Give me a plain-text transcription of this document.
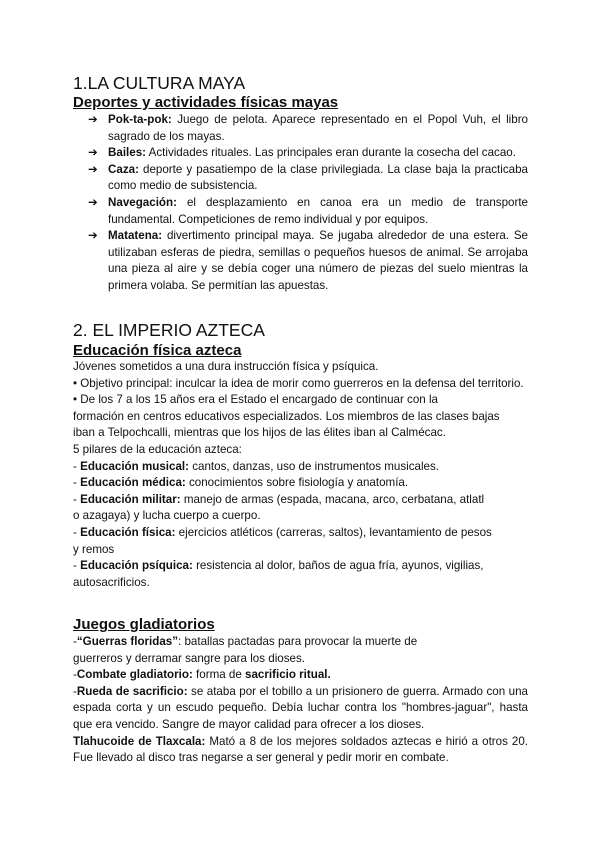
1.LA CULTURA MAYA
Deportes y actividades físicas mayas
➔ Pok-ta-pok: Juego de pelota. Aparece representado en el Popol Vuh, el libro sagrado de los mayas.
➔ Bailes: Actividades rituales. Las principales eran durante la cosecha del cacao.
➔ Caza: deporte y pasatiempo de la clase privilegiada. La clase baja la practicaba como medio de subsistencia.
➔ Navegación: el desplazamiento en canoa era un medio de transporte fundamental. Competiciones de remo individual y por equipos.
➔ Matatena: divertimento principal maya. Se jugaba alrededor de una estera. Se utilizaban esferas de piedra, semillas o pequeños huesos de animal. Se arrojaba una pieza al aire y se debía coger una número de piezas del suelo mientras la primera volaba. Se permitían las apuestas.
2. EL IMPERIO AZTECA
Educación física azteca
Jóvenes sometidos a una dura instrucción física y psíquica.
• Objetivo principal: inculcar la idea de morir como guerreros en la defensa del territorio.
• De los 7 a los 15 años era el Estado el encargado de continuar con la
formación en centros educativos especializados. Los miembros de las clases bajas
iban a Telpochcalli, mientras que los hijos de las élites iban al Calmécac.
5 pilares de la educación azteca:
- Educación musical: cantos, danzas, uso de instrumentos musicales.
- Educación médica: conocimientos sobre fisiología y anatomía.
- Educación militar: manejo de armas (espada, macana, arco, cerbatana, atlatl
o azagaya) y lucha cuerpo a cuerpo.
- Educación física: ejercicios atléticos (carreras, saltos), levantamiento de pesos
y remos
- Educación psíquica: resistencia al dolor, baños de agua fría, ayunos, vigilias,
autosacrificios.
Juegos gladiatorios
-“Guerras floridas”: batallas pactadas para provocar la muerte de
guerreros y derramar sangre para los dioses.
-Combate gladiatorio: forma de sacrificio ritual.
-Rueda de sacrificio: se ataba por el tobillo a un prisionero de guerra. Armado con una espada corta y un escudo pequeño. Debía luchar contra los "hombres-jaguar", hasta que era vencido. Sangre de mayor calidad para ofrecer a los dioses.
Tlahucoide de Tlaxcala: Mató a 8 de los mejores soldados aztecas e hirió a otros 20. Fue llevado al disco tras negarse a ser general y pedir morir en combate.
